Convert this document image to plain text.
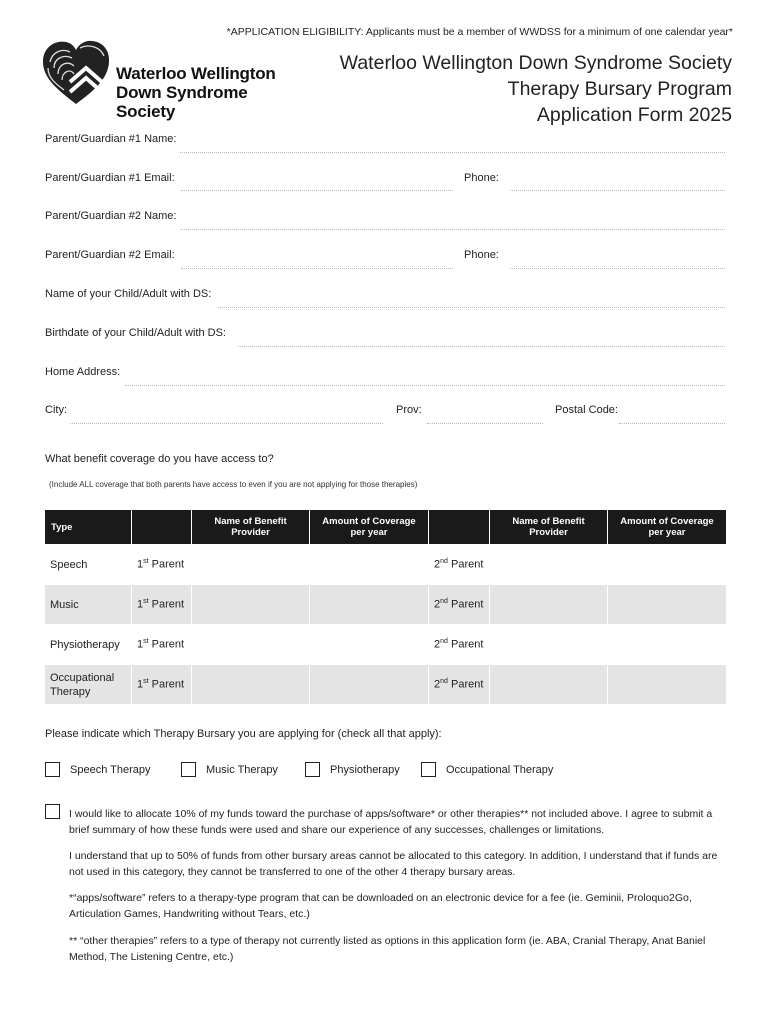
*APPLICATION ELIGIBILITY: Applicants must be a member of WWDSS for a minimum of one calendar year*
Waterloo Wellington
Down Syndrome Society
Waterloo Wellington Down Syndrome Society
Therapy Bursary Program
Application Form 2025
Parent/Guardian #1 Name:
Parent/Guardian #1 Email:	Phone:
Parent/Guardian #2 Name:
Parent/Guardian #2 Email:	Phone:
Name of your Child/Adult with DS:
Birthdate of your Child/Adult with DS:
Home Address:
City:	Prov:	Postal Code:
What benefit coverage do you have access to?
(Include ALL coverage that both parents have access to even if you are not applying for those therapies)
Type		Name of Benefit Provider	Amount of Coverage per year		Name of Benefit Provider	Amount of Coverage per year
Speech	1st Parent			2nd Parent		
Music	1st Parent			2nd Parent		
Physiotherapy	1st Parent			2nd Parent		
Occupational Therapy	1st Parent			2nd Parent		
Please indicate which Therapy Bursary you are applying for (check all that apply):
Speech Therapy	Music Therapy	Physiotherapy	Occupational Therapy
I would like to allocate 10% of my funds toward the purchase of apps/software* or other therapies** not included above. I agree to submit a brief summary of how these funds were used and share our experience of any successes, challenges or limitations.
I understand that up to 50% of funds from other bursary areas cannot be allocated to this category. In addition, I understand that if funds are not used in this category, they cannot be transferred to one of the other 4 therapy bursary areas.
*“apps/software” refers to a therapy-type program that can be downloaded on an electronic device for a fee (ie. Geminii, Proloquo2Go, Articulation Games, Handwriting without Tears, etc.)
** “other therapies” refers to a type of therapy not currently listed as options in this application form (ie. ABA, Cranial Therapy, Anat Baniel Method, The Listening Centre, etc.)
